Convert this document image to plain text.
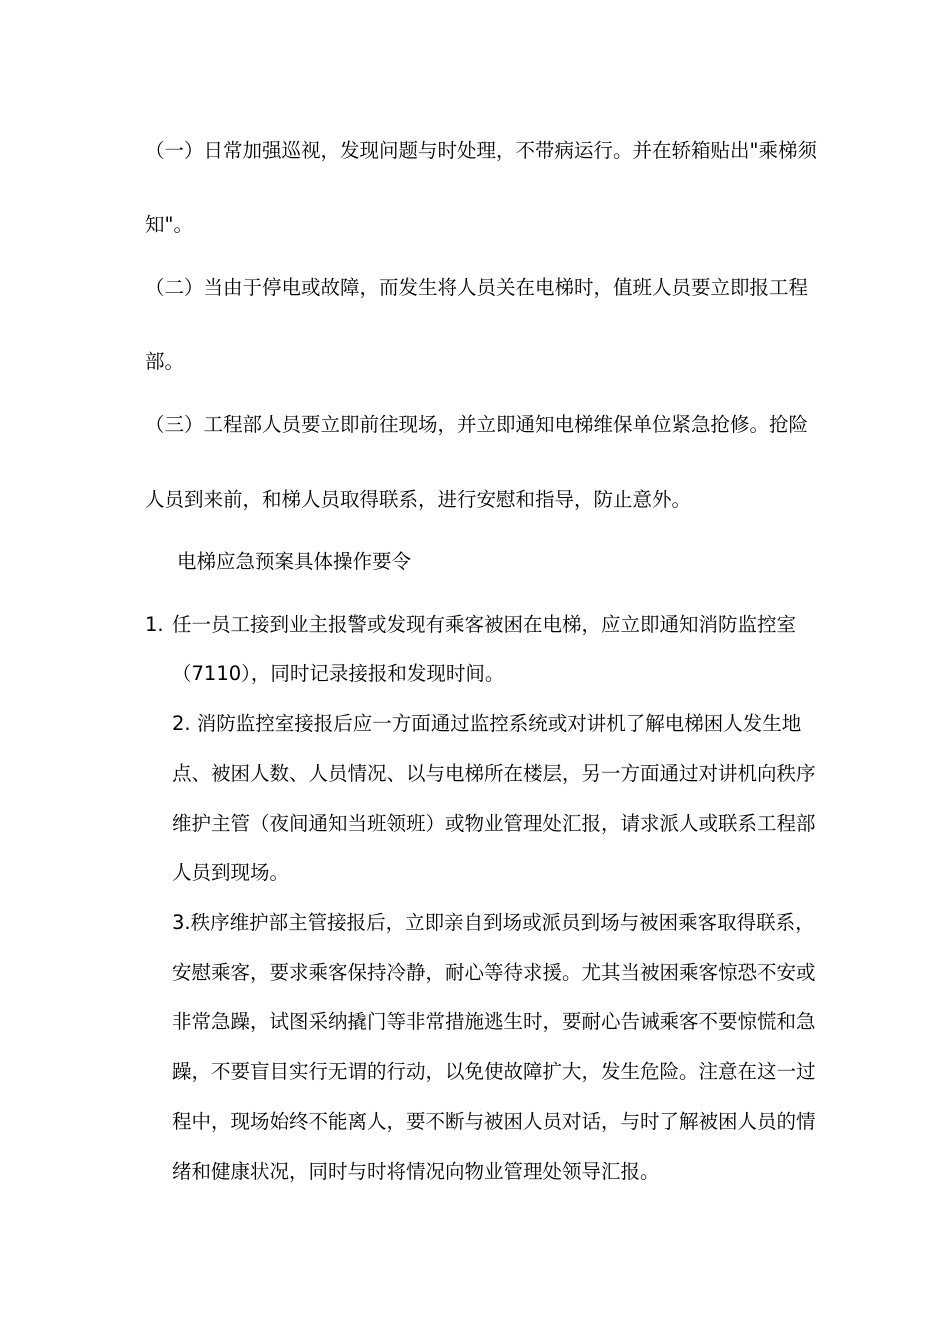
（一）日常加强巡视，发现问题与时处理，不带病运行。并在轿箱贴出"乘梯须
知"。
（二）当由于停电或故障，而发生将人员关在电梯时，值班人员要立即报工程
部。
（三）工程部人员要立即前往现场，并立即通知电梯维保单位紧急抢修。抢险
人员到来前，和梯人员取得联系，进行安慰和指导，防止意外。
电梯应急预案具体操作要令
1. 任一员工接到业主报警或发现有乘客被困在电梯，应立即通知消防监控室
（7110），同时记录接报和发现时间。
2. 消防监控室接报后应一方面通过监控系统或对讲机了解电梯困人发生地
点、被困人数、人员情况、以与电梯所在楼层，另一方面通过对讲机向秩序
维护主管（夜间通知当班领班）或物业管理处汇报，请求派人或联系工程部
人员到现场。
3.秩序维护部主管接报后，立即亲自到场或派员到场与被困乘客取得联系，
安慰乘客，要求乘客保持冷静，耐心等待求援。尤其当被困乘客惊恐不安或
非常急躁，试图采纳撬门等非常措施逃生时，要耐心告诫乘客不要惊慌和急
躁，不要盲目实行无谓的行动，以免使故障扩大，发生危险。注意在这一过
程中，现场始终不能离人，要不断与被困人员对话，与时了解被困人员的情
绪和健康状况，同时与时将情况向物业管理处领导汇报。
